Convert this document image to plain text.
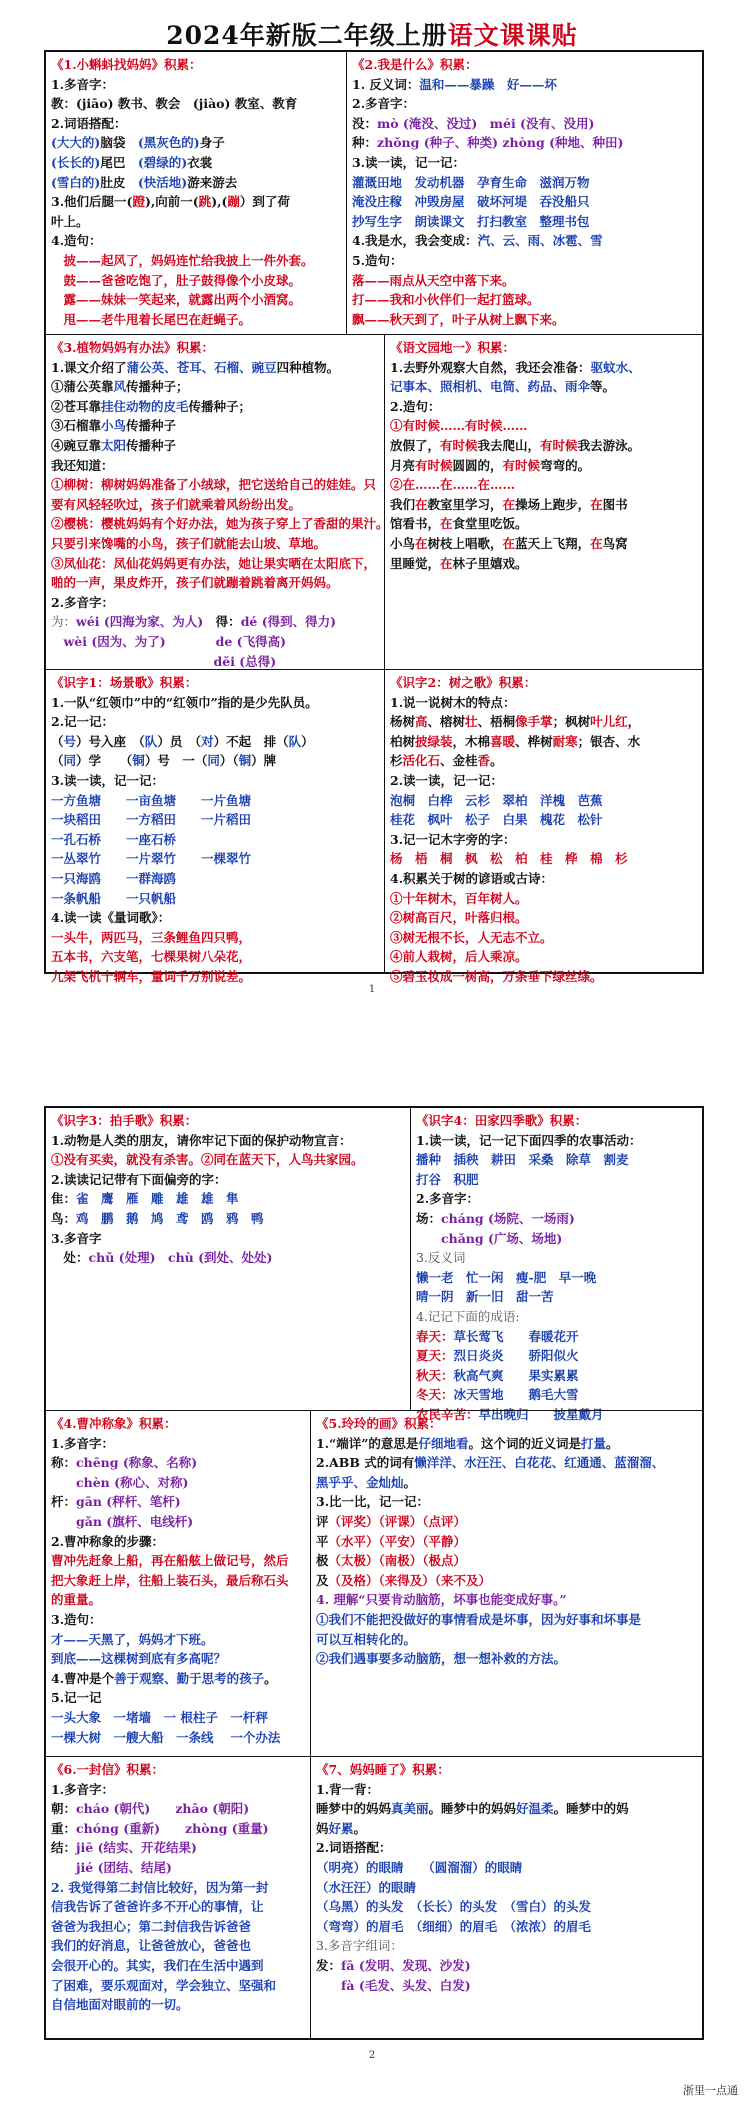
2024年新版二年级上册语文课课贴
《1.小蝌蚪找妈妈》积累：
1.多音字：
教：(jiāo) 教书、教会　(jiào) 教室、教育
2.词语搭配：
(大大的)脑袋　(黑灰色的)身子
(长长的)尾巴　(碧绿的)衣裳
(雪白的)肚皮　(快活地)游来游去
3.他们后腿一(蹬),向前一(跳),(蹦）到了荷
叶上。
4.造句：
　披——起风了，妈妈连忙给我披上一件外套。
　鼓——爸爸吃饱了，肚子鼓得像个小皮球。
　露——妹妹一笑起来，就露出两个小酒窝。
　甩——老牛甩着长尾巴在赶蝇子。
《2.我是什么》积累：
1. 反义词：温和——暴躁　好——坏
2.多音字：
没：mò (淹没、没过)　méi (没有、没用)
种：zhǒng (种子、种类) zhòng (种地、种田)
3.读一读，记一记：
灌溉田地　发动机器　孕育生命　滋润万物
淹没庄稼　冲毁房屋　破坏河堤　吞没船只
抄写生字　朗读课文　打扫教室　整理书包
4.我是水，我会变成：汽、云、雨、冰雹、雪
5.造句：
落——雨点从天空中落下来。
打——我和小伙伴们一起打篮球。
飘——秋天到了，叶子从树上飘下来。
《3.植物妈妈有办法》积累：
1.课文介绍了蒲公英、苍耳、石榴、豌豆四种植物。
①蒲公英靠风传播种子；
②苍耳靠挂住动物的皮毛传播种子；
③石榴靠小鸟传播种子
④豌豆靠太阳传播种子
我还知道：
①柳树：柳树妈妈准备了小绒球，把它送给自己的娃娃。只
要有风轻轻吹过，孩子们就乘着风纷纷出发。
②樱桃：樱桃妈妈有个好办法，她为孩子穿上了香甜的果汁。
只要引来馋嘴的小鸟，孩子们就能去山坡、草地。
③凤仙花：凤仙花妈妈更有办法，她让果实晒在太阳底下，
啪的一声，果皮炸开，孩子们就蹦着跳着离开妈妈。
2.多音字：
为：wéi (四海为家、为人)　得：dé (得到、得力)
　wèi (因为、为了)　　　　de (飞得高)
　　　　　　　　　　　　　děi (总得)
《语文园地一》积累：
1.去野外观察大自然，我还会准备：驱蚊水、
记事本、照相机、电筒、药品、雨伞等。
2.造句：
①有时候……有时候……
放假了，有时候我去爬山，有时候我去游泳。
月亮有时候圆圆的，有时候弯弯的。
②在……在……在……
我们在教室里学习，在操场上跑步，在图书
馆看书，在食堂里吃饭。
小鸟在树枝上唱歌，在蓝天上飞翔，在鸟窝
里睡觉，在林子里嬉戏。
《识字1：场景歌》积累：
1.一队“红领巾”中的“红领巾”指的是少先队员。
2.记一记：
（号）号入座　（队）员　（对）不起　排（队）
（同）学　　（铜）号　一（同）（铜）牌
3.读一读，记一记：
一方鱼塘　　一亩鱼塘　　一片鱼塘
一块稻田　　一方稻田　　一片稻田
一孔石桥　　一座石桥
一丛翠竹　　一片翠竹　　一棵翠竹
一只海鸥　　一群海鸥
一条帆船　　一只帆船
4.读一读《量词歌》：
一头牛，两匹马，三条鲤鱼四只鸭，
五本书，六支笔，七棵果树八朵花，
九架飞机十辆车，量词千万别说差。
《识字2：树之歌》积累：
1.说一说树木的特点：
杨树高、榕树壮、梧桐像手掌；枫树叶儿红，
柏树披绿装，木棉喜暖、桦树耐寒；银杏、水
杉活化石、金桂香。
2.读一读，记一记：
泡桐　白桦　云杉　翠柏　洋槐　芭蕉
桂花　枫叶　松子　白果　槐花　松针
3.记一记木字旁的字：
杨　梧　桐　枫　松　柏　桂　桦　棉　杉
4.积累关于树的谚语或古诗：
①十年树木，百年树人。
②树高百尺，叶落归根。
③树无根不长，人无志不立。
④前人栽树，后人乘凉。
⑤碧玉妆成一树高，万条垂下绿丝绦。
1
《识字3：拍手歌》积累：
1.动物是人类的朋友，请你牢记下面的保护动物宣言：
①没有买卖，就没有杀害。②同在蓝天下，人鸟共家园。
2.读读记记带有下面偏旁的字：
隹：雀　鹰　雁　雕　雄　雄　隼
鸟：鸡　鹏　鹅　鸠　鸢　鸥　鸦　鸭
3.多音字
　处：chǔ (处理)　chù (到处、处处)
《识字4：田家四季歌》积累：
1.读一读，记一记下面四季的农事活动：
播种　插秧　耕田　采桑　除草　割麦
打谷　积肥
2.多音字：
场：cháng (场院、一场雨)
　　chǎng (广场、场地)
3.反义词
懒一老　忙一闲　瘦-肥　早一晚
晴一阴　新一旧　甜一苦
4.记记下面的成语:
春天：草长莺飞　　春暖花开
夏天：烈日炎炎　　骄阳似火
秋天：秋高气爽　　果实累累
冬天：冰天雪地　　鹅毛大雪
农民辛苦：早出晚归　　披星戴月
《4.曹冲称象》积累：
1.多音字：
称：chēng (称象、名称)
　　chèn (称心、对称)
杆：gān (秤杆、笔杆)
　　gǎn (旗杆、电线杆)
2.曹冲称象的步骤：
曹冲先赶象上船，再在船舷上做记号，然后
把大象赶上岸，往船上装石头，最后称石头
的重量。
3.造句：
才——天黑了，妈妈才下班。
到底——这棵树到底有多高呢？
4.曹冲是个善于观察、勤于思考的孩子。
5.记一记
一头大象　一堵墙　一 根柱子　一杆秤
一棵大树　一艘大船　一条线　 一个办法
《5.玲玲的画》积累：
1.“端详”的意思是仔细地看。这个词的近义词是打量。
2.ABB 式的词有懒洋洋、水汪汪、白花花、红通通、蓝溜溜、
黑乎乎、金灿灿。
3.比一比，记一记：
评（评奖）（评课）（点评）
平（水平）（平安）（平静）
极（太极）（南极）（极点）
及（及格）（来得及）（来不及）
4. 理解“只要肯动脑筋，坏事也能变成好事。”
①我们不能把没做好的事情看成是坏事，因为好事和坏事是
可以互相转化的。
②我们遇事要多动脑筋，想一想补救的方法。
《6.一封信》积累：
1.多音字：
朝：cháo (朝代)　　zhāo (朝阳)
重：chóng (重新)　　zhòng (重量)
结：jiē (结实、开花结果)
　　jié (团结、结尾)
2. 我觉得第二封信比较好，因为第一封
信我告诉了爸爸许多不开心的事情，让
爸爸为我担心；第二封信我告诉爸爸
我们的好消息，让爸爸放心，爸爸也
会很开心的。其实，我们在生活中遇到
了困难，要乐观面对，学会独立、坚强和
自信地面对眼前的一切。
《7、妈妈睡了》积累：
1.背一背：
睡梦中的妈妈真美丽。睡梦中的妈妈好温柔。睡梦中的妈
妈好累。
2.词语搭配：
（明亮）的眼睛　　（圆溜溜）的眼睛
（水汪汪）的眼睛
（乌黑）的头发　（长长）的头发　（雪白）的头发
（弯弯）的眉毛　（细细）的眉毛　（浓浓）的眉毛
3.多音字组词：
发：fā (发明、发现、沙发)
　　fà (毛发、头发、白发)
2
浙里一点通
